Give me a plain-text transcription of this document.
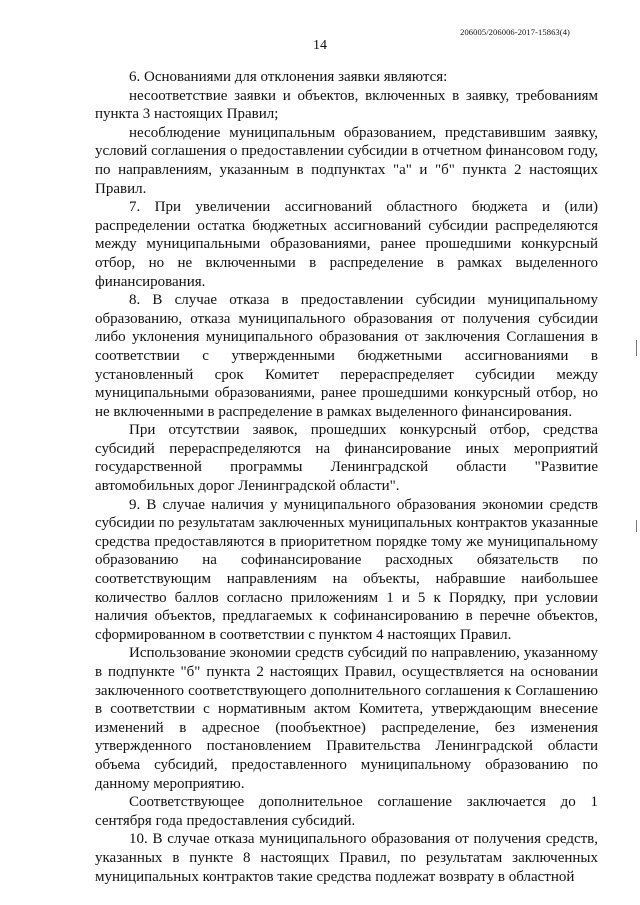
206005/206006-2017-15863(4)
14

6. Основаниями для отклонения заявки являются:

несоответствие заявки и объектов, включенных в заявку, требованиям пункта 3 настоящих Правил;

несоблюдение муниципальным образованием, представившим заявку, условий соглашения о предоставлении субсидии в отчетном финансовом году, по направлениям, указанным в подпунктах "а" и "б" пункта 2 настоящих Правил.

7. При увеличении ассигнований областного бюджета и (или) распределении остатка бюджетных ассигнований субсидии распределяются между муниципальными образованиями, ранее прошедшими конкурсный отбор, но не включенными в распределение в рамках выделенного финансирования.

8. В случае отказа в предоставлении субсидии муниципальному образованию, отказа муниципального образования от получения субсидии либо уклонения муниципального образования от заключения Соглашения в соответствии с утвержденными бюджетными ассигнованиями в установленный срок Комитет перераспределяет субсидии между муниципальными образованиями, ранее прошедшими конкурсный отбор, но не включенными в распределение в рамках выделенного финансирования.

При отсутствии заявок, прошедших конкурсный отбор, средства субсидий перераспределяются на финансирование иных мероприятий государственной программы Ленинградской области "Развитие автомобильных дорог Ленинградской области".

9. В случае наличия у муниципального образования экономии средств субсидии по результатам заключенных муниципальных контрактов указанные средства предоставляются в приоритетном порядке тому же муниципальному образованию на софинансирование расходных обязательств по соответствующим направлениям на объекты, набравшие наибольшее количество баллов согласно приложениям 1 и 5 к Порядку, при условии наличия объектов, предлагаемых к софинансированию в перечне объектов, сформированном в соответствии с пунктом 4 настоящих Правил.

Использование экономии средств субсидий по направлению, указанному в подпункте "б" пункта 2 настоящих Правил, осуществляется на основании заключенного соответствующего дополнительного соглашения к Соглашению в соответствии с нормативным актом Комитета, утверждающим внесение изменений в адресное (пообъектное) распределение, без изменения утвержденного постановлением Правительства Ленинградской области объема субсидий, предоставленного муниципальному образованию по данному мероприятию.

Соответствующее дополнительное соглашение заключается до 1 сентября года предоставления субсидий.

10. В случае отказа муниципального образования от получения средств, указанных в пункте 8 настоящих Правил, по результатам заключенных муниципальных контрактов такие средства подлежат возврату в областной
